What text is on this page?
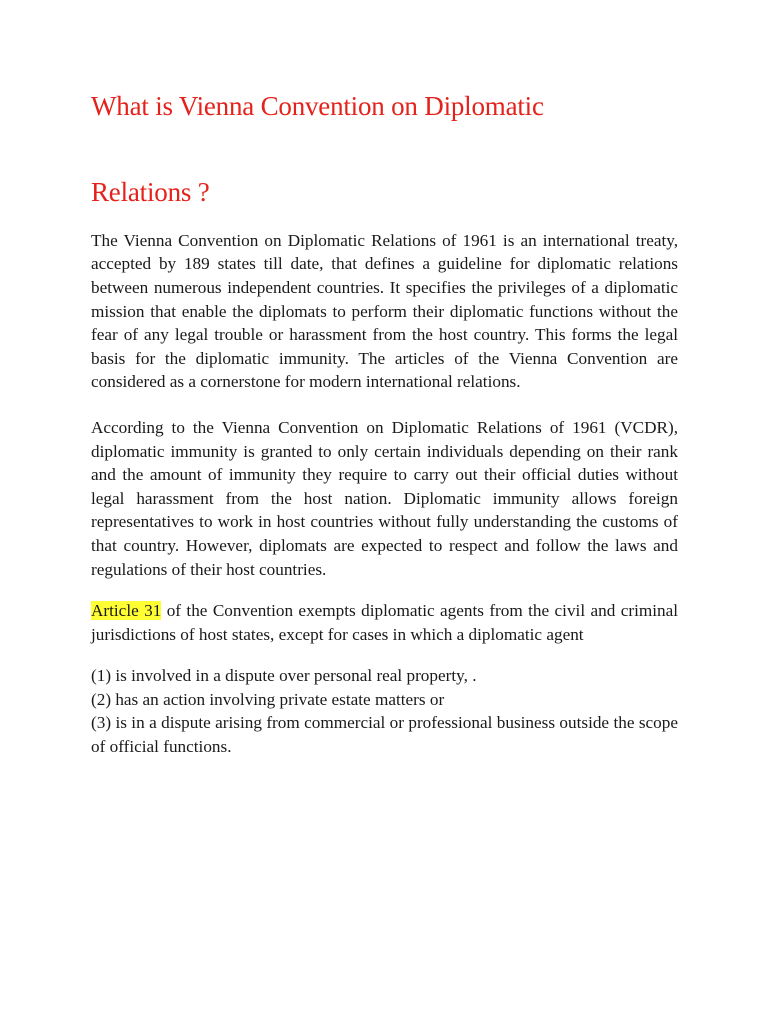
What is Vienna Convention on Diplomatic
Relations ?

The Vienna Convention on Diplomatic Relations of 1961 is an international treaty, accepted by 189 states till date, that defines a guideline for diplomatic relations between numerous independent countries. It specifies the privileges of a diplomatic mission that enable the diplomats to perform their diplomatic functions without the fear of any legal trouble or harassment from the host country. This forms the legal basis for the diplomatic immunity. The articles of the Vienna Convention are considered as a cornerstone for modern international relations.

According to the Vienna Convention on Diplomatic Relations of 1961 (VCDR), diplomatic immunity is granted to only certain individuals depending on their rank and the amount of immunity they require to carry out their official duties without legal harassment from the host nation. Diplomatic immunity allows foreign representatives to work in host countries without fully understanding the customs of that country. However, diplomats are expected to respect and follow the laws and regulations of their host countries.

Article 31 of the Convention exempts diplomatic agents from the civil and criminal jurisdictions of host states, except for cases in which a diplomatic agent

(1) is involved in a dispute over personal real property, .
(2) has an action involving private estate matters or
(3) is in a dispute arising from commercial or professional business outside the scope of official functions.
